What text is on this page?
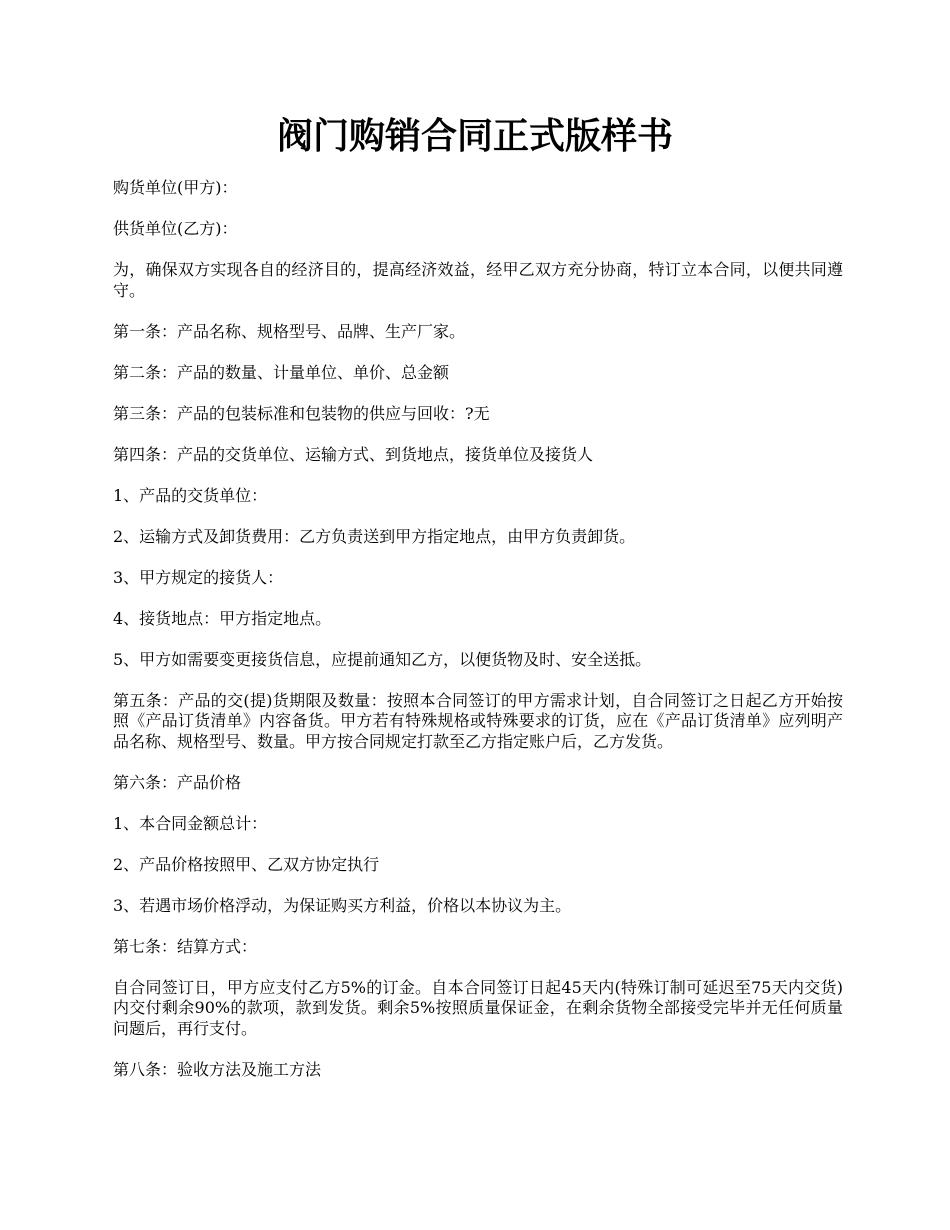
阀门购销合同正式版样书

购货单位(甲方)：

供货单位(乙方)：

为，确保双方实现各自的经济目的，提高经济效益，经甲乙双方充分协商，特订立本合同，以便共同遵守。

第一条：产品名称、规格型号、品牌、生产厂家。

第二条：产品的数量、计量单位、单价、总金额

第三条：产品的包装标准和包装物的供应与回收：?无

第四条：产品的交货单位、运输方式、到货地点，接货单位及接货人

1、产品的交货单位：

2、运输方式及卸货费用：乙方负责送到甲方指定地点，由甲方负责卸货。

3、甲方规定的接货人：

4、接货地点：甲方指定地点。

5、甲方如需要变更接货信息，应提前通知乙方，以便货物及时、安全送抵。

第五条：产品的交(提)货期限及数量：按照本合同签订的甲方需求计划，自合同签订之日起乙方开始按照《产品订货清单》内容备货。甲方若有特殊规格或特殊要求的订货，应在《产品订货清单》应列明产品名称、规格型号、数量。甲方按合同规定打款至乙方指定账户后，乙方发货。

第六条：产品价格

1、本合同金额总计：

2、产品价格按照甲、乙双方协定执行

3、若遇市场价格浮动，为保证购买方利益，价格以本协议为主。

第七条：结算方式：

自合同签订日，甲方应支付乙方5%的订金。自本合同签订日起45天内(特殊订制可延迟至75天内交货)内交付剩余90%的款项，款到发货。剩余5%按照质量保证金，在剩余货物全部接受完毕并无任何质量问题后，再行支付。

第八条：验收方法及施工方法
